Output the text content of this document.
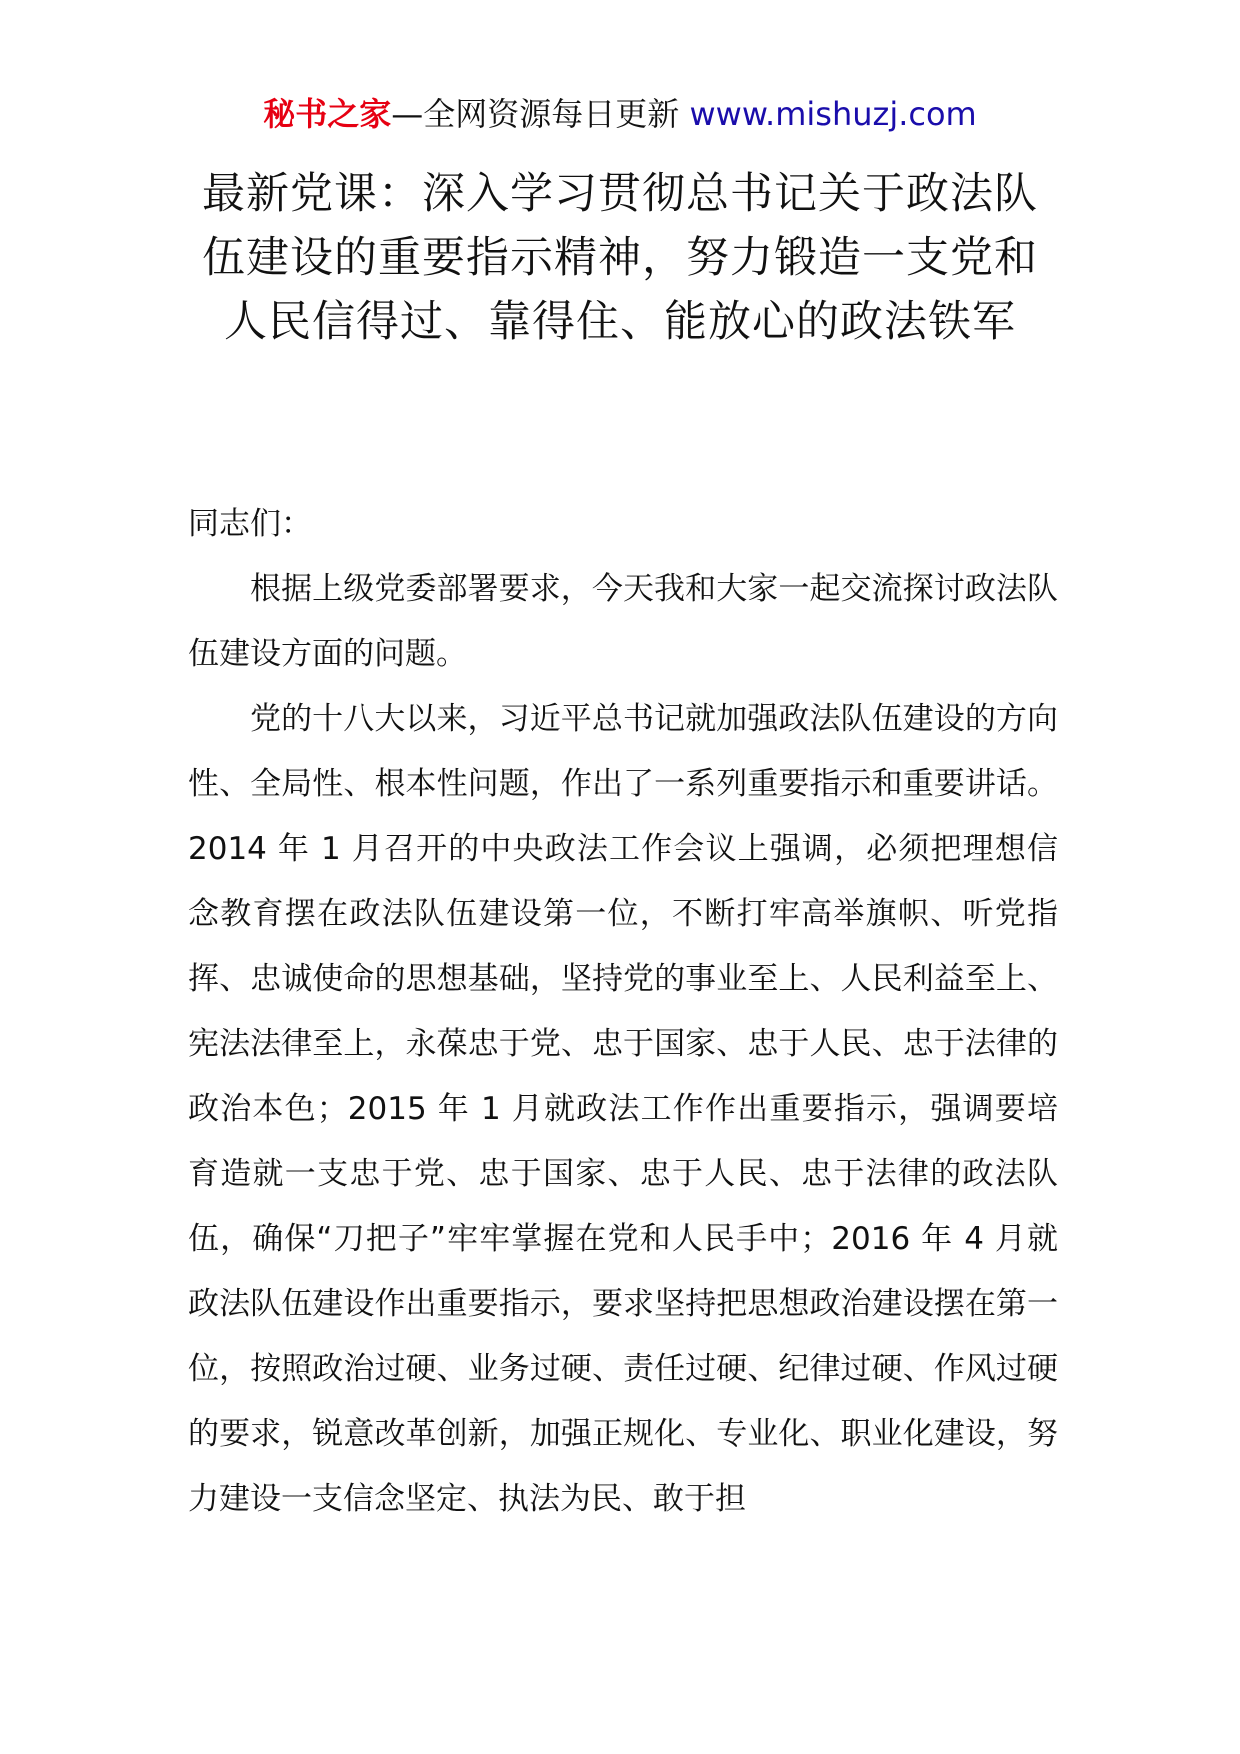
秘书之家—全网资源每日更新 www.mishuzj.com
最新党课：深入学习贯彻总书记关于政法队伍建设的重要指示精神，努力锻造一支党和人民信得过、靠得住、能放心的政法铁军

同志们：

根据上级党委部署要求，今天我和大家一起交流探讨政法队伍建设方面的问题。

党的十八大以来，习近平总书记就加强政法队伍建设的方向性、全局性、根本性问题，作出了一系列重要指示和重要讲话。2014 年 1 月召开的中央政法工作会议上强调，必须把理想信念教育摆在政法队伍建设第一位，不断打牢高举旗帜、听党指挥、忠诚使命的思想基础，坚持党的事业至上、人民利益至上、宪法法律至上，永葆忠于党、忠于国家、忠于人民、忠于法律的政治本色；2015 年 1 月就政法工作作出重要指示，强调要培育造就一支忠于党、忠于国家、忠于人民、忠于法律的政法队伍，确保“刀把子”牢牢掌握在党和人民手中；2016 年 4 月就政法队伍建设作出重要指示，要求坚持把思想政治建设摆在第一位，按照政治过硬、业务过硬、责任过硬、纪律过硬、作风过硬的要求，锐意改革创新，加强正规化、专业化、职业化建设，努力建设一支信念坚定、执法为民、敢于担
